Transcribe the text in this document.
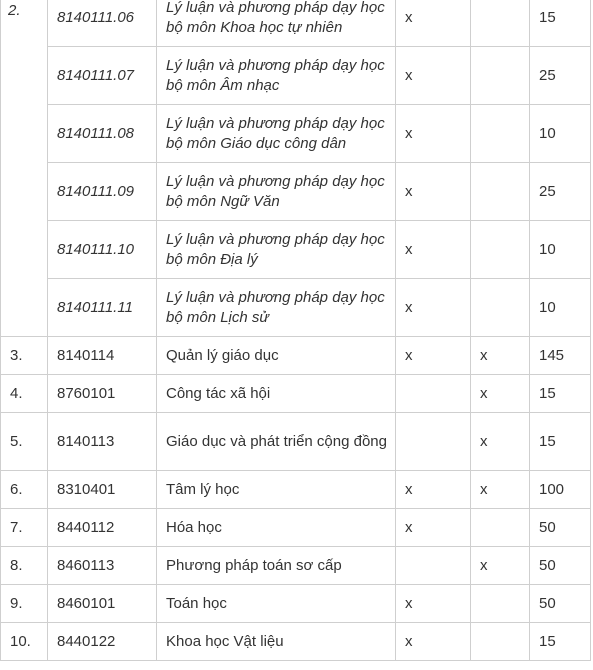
2.	8140111.06	Lý luận và phương pháp dạy học bộ môn Khoa học tự nhiên	x		15
	8140111.07	Lý luận và phương pháp dạy học bộ môn Âm nhạc	x		25
	8140111.08	Lý luận và phương pháp dạy học bộ môn Giáo dục công dân	x		10
	8140111.09	Lý luận và phương pháp dạy học bộ môn Ngữ Văn	x		25
	8140111.10	Lý luận và phương pháp dạy học bộ môn Địa lý	x		10
	8140111.11	Lý luận và phương pháp dạy học bộ môn Lịch sử	x		10
3.	8140114	Quản lý giáo dục	x	x	145
4.	8760101	Công tác xã hội		x	15
5.	8140113	Giáo dục và phát triển cộng đồng		x	15
6.	8310401	Tâm lý học	x	x	100
7.	8440112	Hóa học	x		50
8.	8460113	Phương pháp toán sơ cấp		x	50
9.	8460101	Toán học	x		50
10.	8440122	Khoa học Vật liệu	x		15
